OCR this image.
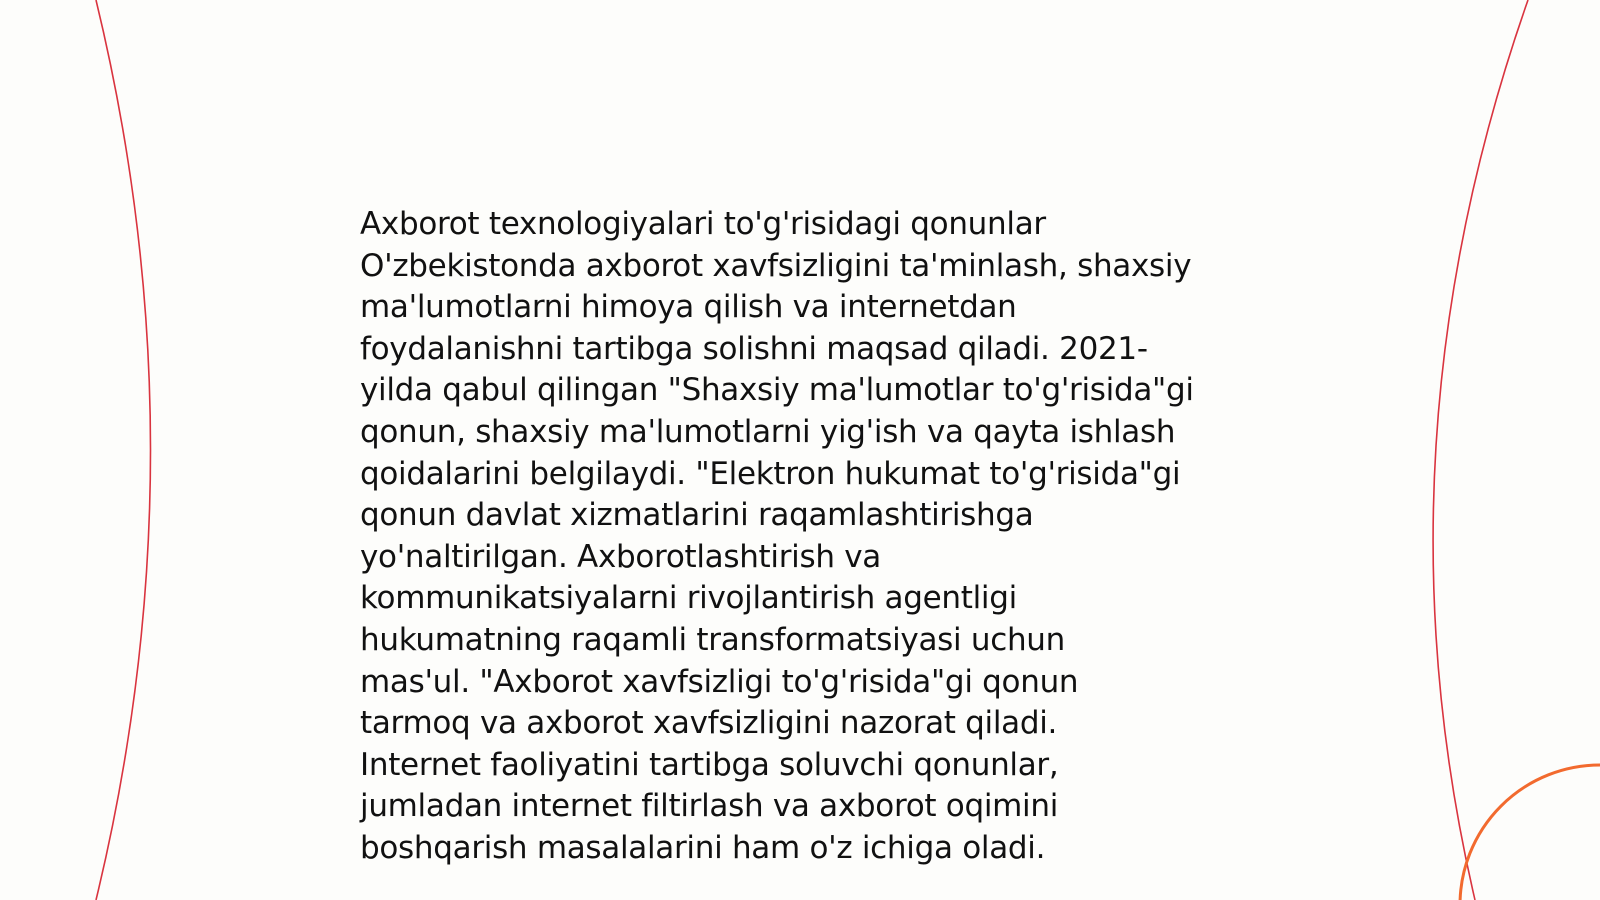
Axborot texnologiyalari to'g'risidagi qonunlar
O'zbekistonda axborot xavfsizligini ta'minlash, shaxsiy
ma'lumotlarni himoya qilish va internetdan
foydalanishni tartibga solishni maqsad qiladi. 2021-
yilda qabul qilingan "Shaxsiy ma'lumotlar to'g'risida"gi
qonun, shaxsiy ma'lumotlarni yig'ish va qayta ishlash
qoidalarini belgilaydi. "Elektron hukumat to'g'risida"gi
qonun davlat xizmatlarini raqamlashtirishga
yo'naltirilgan. Axborotlashtirish va
kommunikatsiyalarni rivojlantirish agentligi
hukumatning raqamli transformatsiyasi uchun
mas'ul. "Axborot xavfsizligi to'g'risida"gi qonun
tarmoq va axborot xavfsizligini nazorat qiladi.
Internet faoliyatini tartibga soluvchi qonunlar,
jumladan internet filtirlash va axborot oqimini
boshqarish masalalarini ham o'z ichiga oladi.
